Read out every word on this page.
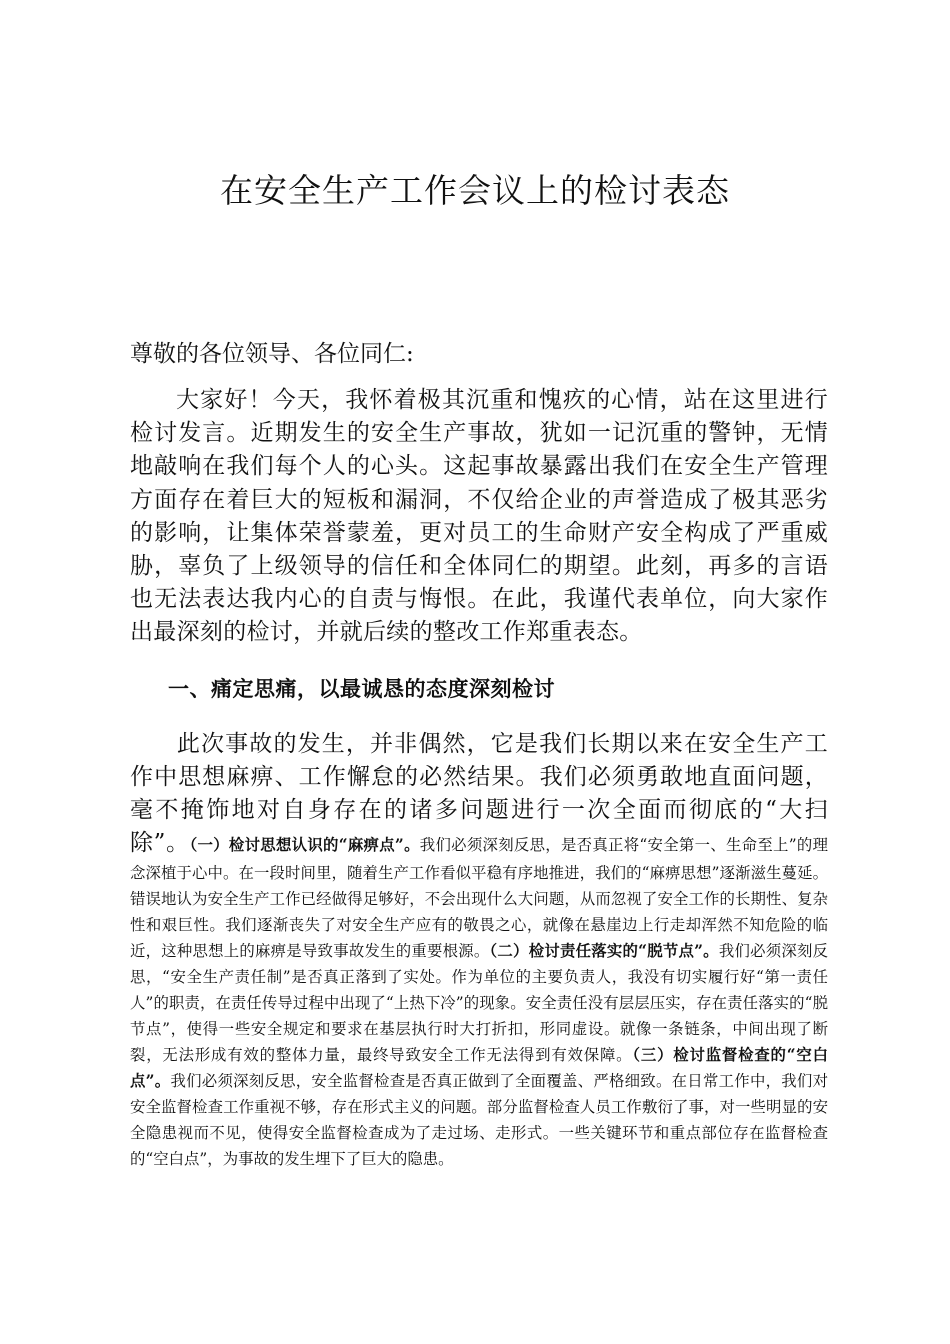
在安全生产工作会议上的检讨表态

尊敬的各位领导、各位同仁:

大家好！今天，我怀着极其沉重和愧疚的心情，站在这里进行检讨发言。近期发生的安全生产事故，犹如一记沉重的警钟，无情地敲响在我们每个人的心头。这起事故暴露出我们在安全生产管理方面存在着巨大的短板和漏洞，不仅给企业的声誉造成了极其恶劣的影响，让集体荣誉蒙羞，更对员工的生命财产安全构成了严重威胁，辜负了上级领导的信任和全体同仁的期望。此刻，再多的言语也无法表达我内心的自责与悔恨。在此，我谨代表单位，向大家作出最深刻的检讨，并就后续的整改工作郑重表态。

一、痛定思痛，以最诚恳的态度深刻检讨

此次事故的发生，并非偶然，它是我们长期以来在安全生产工作中思想麻痹、工作懈怠的必然结果。我们必须勇敢地直面问题，毫不掩饰地对自身存在的诸多问题进行一次全面而彻底的“大扫除”。（一）检讨思想认识的“麻痹点”。我们必须深刻反思，是否真正将“安全第一、生命至上”的理念深植于心中。在一段时间里，随着生产工作看似平稳有序地推进，我们的“麻痹思想”逐渐滋生蔓延。错误地认为安全生产工作已经做得足够好，不会出现什么大问题，从而忽视了安全工作的长期性、复杂性和艰巨性。我们逐渐丧失了对安全生产应有的敬畏之心，就像在悬崖边上行走却浑然不知危险的临近，这种思想上的麻痹是导致事故发生的重要根源。（二）检讨责任落实的“脱节点”。我们必须深刻反思，“安全生产责任制”是否真正落到了实处。作为单位的主要负责人，我没有切实履行好“第一责任人”的职责，在责任传导过程中出现了“上热下冷”的现象。安全责任没有层层压实，存在责任落实的“脱节点”，使得一些安全规定和要求在基层执行时大打折扣，形同虚设。就像一条链条，中间出现了断裂，无法形成有效的整体力量，最终导致安全工作无法得到有效保障。（三）检讨监督检查的“空白点”。我们必须深刻反思，安全监督检查是否真正做到了全面覆盖、严格细致。在日常工作中，我们对安全监督检查工作重视不够，存在形式主义的问题。部分监督检查人员工作敷衍了事，对一些明显的安全隐患视而不见，使得安全监督检查成为了走过场、走形式。一些关键环节和重点部位存在监督检查的“空白点”，为事故的发生埋下了巨大的隐患。
